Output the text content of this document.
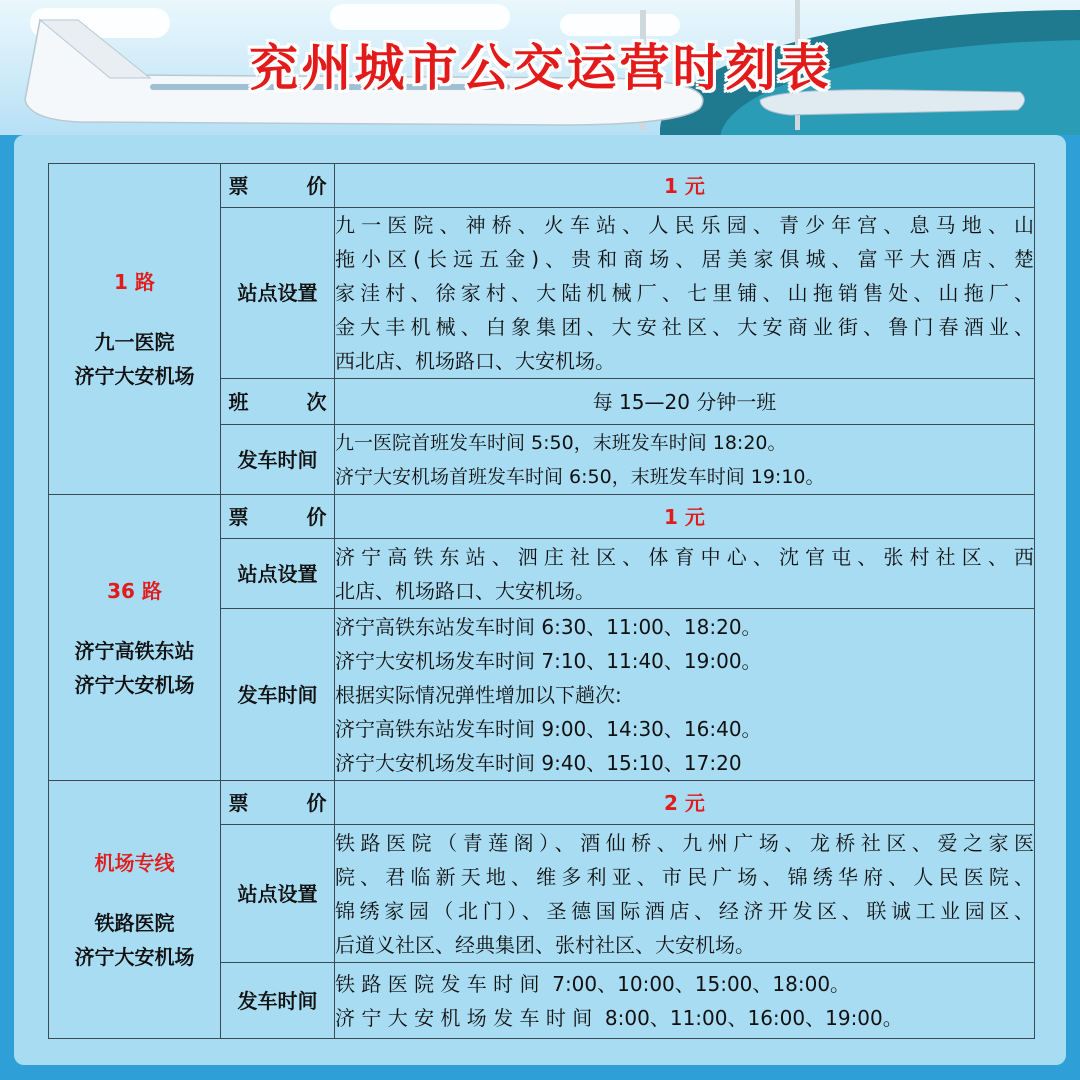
兖州城市公交运营时刻表
1 路
九一医院
济宁大安机场	票 价	1 元
	站点设置	九一医院、神桥、火车站、人民乐园、青少年宫、息马地、山
拖小区(长远五金)、贵和商场、居美家俱城、富平大酒店、楚
家洼村、徐家村、大陆机械厂、七里铺、山拖销售处、山拖厂、
金大丰机械、白象集团、大安社区、大安商业街、鲁门春酒业、
西北店、机场路口、大安机场。

	班 次	每 15—20 分钟一班
	发车时间	九一医院首班发车时间 5:50，末班发车时间 18:20。
济宁大安机场首班发车时间 6:50，末班发车时间 19:10。

36 路
济宁高铁东站
济宁大安机场	票 价	1 元
	站点设置	济宁高铁东站、泗庄社区、体育中心、沈官屯、张村社区、西
北店、机场路口、大安机场。

	发车时间	济宁高铁东站发车时间 6:30、11:00、18:20。
济宁大安机场发车时间 7:10、11:40、19:00。
根据实际情况弹性增加以下趟次:
济宁高铁东站发车时间 9:00、14:30、16:40。
济宁大安机场发车时间 9:40、15:10、17:20

机场专线
铁路医院
济宁大安机场	票 价	2 元
	站点设置	铁路医院（青莲阁）、酒仙桥、九州广场、龙桥社区、爱之家医
院、君临新天地、维多利亚、市民广场、锦绣华府、人民医院、
锦绣家园（北门）、圣德国际酒店、经济开发区、联诚工业园区、
后道义社区、经典集团、张村社区、大安机场。

	发车时间	铁 路 医 院 发 车 时 间  7:00、10:00、15:00、18:00。
济 宁 大 安 机 场 发 车 时 间  8:00、11:00、16:00、19:00。
